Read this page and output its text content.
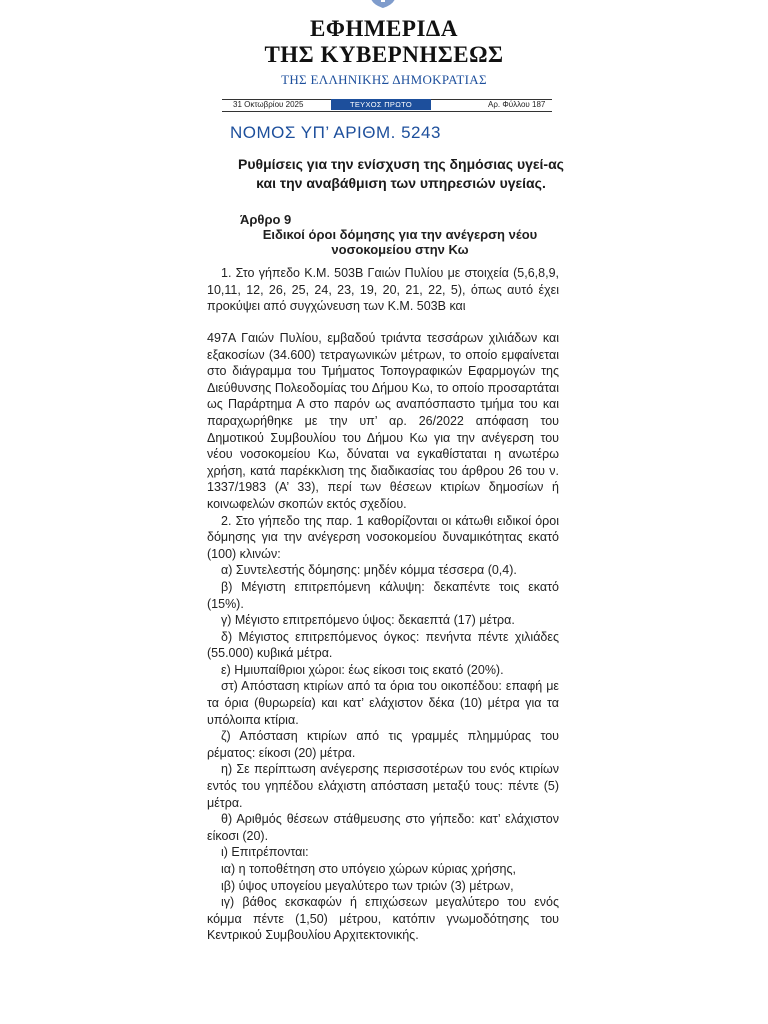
ΕΦΗΜΕΡΙΔΑ
ΤΗΣ ΚΥΒΕΡΝΗΣΕΩΣ
ΤΗΣ ΕΛΛΗΝΙΚΗΣ ΔΗΜΟΚΡΑΤΙΑΣ
31 Οκτωβρίου 2025	ΤΕΥΧΟΣ ΠΡΩΤΟ	Αρ. Φύλλου 187
ΝΟΜΟΣ ΥΠ’ ΑΡΙΘΜ. 5243
Ρυθμίσεις για την ενίσχυση της δημόσιας υγεί-ας και την αναβάθμιση των υπηρεσιών υγείας.
Άρθρο 9
Ειδικοί όροι δόμησης για την ανέγερση νέου νοσοκομείου στην Κω
1. Στο γήπεδο Κ.Μ. 503Β Γαιών Πυλίου με στοιχεία (5,6,8,9, 10,11, 12, 26, 25, 24, 23, 19, 20, 21, 22, 5), όπως αυτό έχει προκύψει από συγχώνευση των Κ.Μ. 503Β και
497Α Γαιών Πυλίου, εμβαδού τριάντα τεσσάρων χιλιάδων και εξακοσίων (34.600) τετραγωνικών μέτρων, το οποίο εμφαίνεται στο διάγραμμα του Τμήματος Τοπογραφικών Εφαρμογών της Διεύθυνσης Πολεοδομίας του Δήμου Κω, το οποίο προσαρτάται ως Παράρτημα Α στο παρόν ως αναπόσπαστο τμήμα του και παραχωρήθηκε με την υπ’ αρ. 26/2022 απόφαση του Δημοτικού Συμβουλίου του Δήμου Κω για την ανέγερση του νέου νοσοκομείου Κω, δύναται να εγκαθίσταται η ανωτέρω χρήση, κατά παρέκκλιση της διαδικασίας του άρθρου 26 του ν. 1337/1983 (Α’ 33), περί των θέσεων κτιρίων δημοσίων ή κοινωφελών σκοπών εκτός σχεδίου.
2. Στο γήπεδο της παρ. 1 καθορίζονται οι κάτωθι ειδικοί όροι δόμησης για την ανέγερση νοσοκομείου δυναμικότητας εκατό (100) κλινών:
α) Συντελεστής δόμησης: μηδέν κόμμα τέσσερα (0,4).
β) Μέγιστη επιτρεπόμενη κάλυψη: δεκαπέντε τοις εκατό (15%).
γ) Μέγιστο επιτρεπόμενο ύψος: δεκαεπτά (17) μέτρα.
δ) Μέγιστος επιτρεπόμενος όγκος: πενήντα πέντε χιλιάδες (55.000) κυβικά μέτρα.
ε) Ημιυπαίθριοι χώροι: έως είκοσι τοις εκατό (20%).
στ) Απόσταση κτιρίων από τα όρια του οικοπέδου: επαφή με τα όρια (θυρωρεία) και κατ’ ελάχιστον δέκα (10) μέτρα για τα υπόλοιπα κτίρια.
ζ) Απόσταση κτιρίων από τις γραμμές πλημμύρας του ρέματος: είκοσι (20) μέτρα.
η) Σε περίπτωση ανέγερσης περισσοτέρων του ενός κτιρίων εντός του γηπέδου ελάχιστη απόσταση μεταξύ τους: πέντε (5) μέτρα.
θ) Αριθμός θέσεων στάθμευσης στο γήπεδο: κατ’ ελάχιστον είκοσι (20).
ι) Επιτρέπονται:
ια) η τοποθέτηση στο υπόγειο χώρων κύριας χρήσης,
ιβ) ύψος υπογείου μεγαλύτερο των τριών (3) μέτρων,
ιγ) βάθος εκσκαφών ή επιχώσεων μεγαλύτερο του ενός κόμμα πέντε (1,50) μέτρου, κατόπιν γνωμοδότησης του Κεντρικού Συμβουλίου Αρχιτεκτονικής.
